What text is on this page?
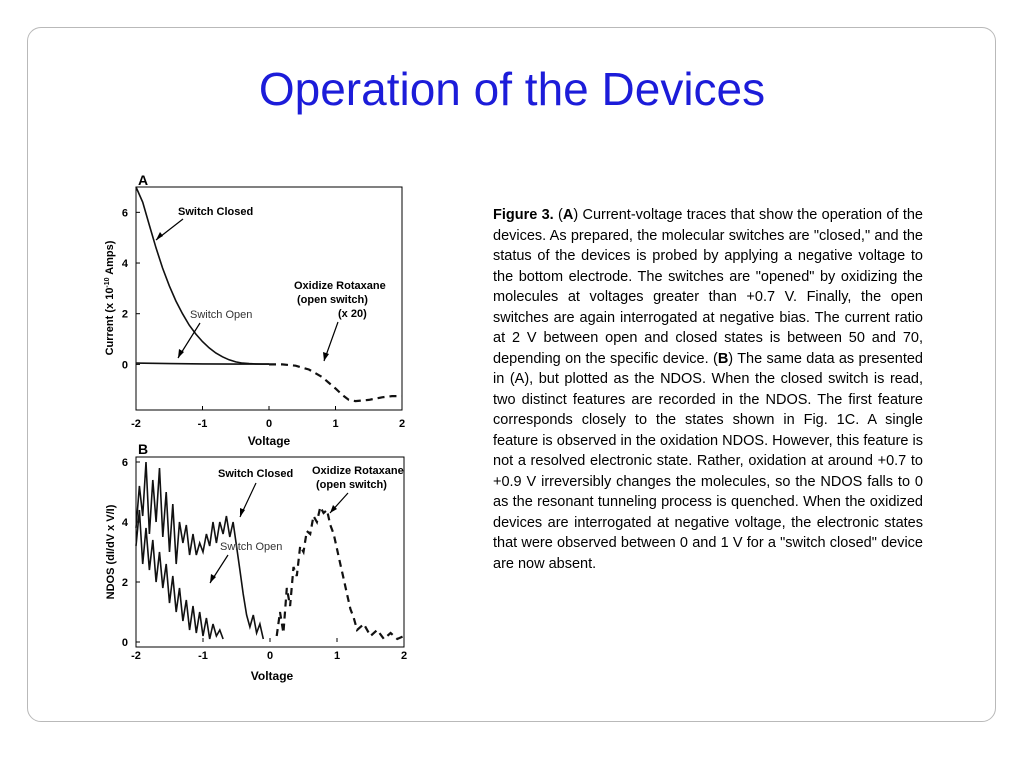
Operation of the Devices
A
-2	-1	0	1	2
0
2
4
6
Voltage
Current (x $10^{-10}$ Amps)
Switch Closed
Switch Open
Oxidize Rotaxane
(open switch)
(x 20)
B
-2	-1	0	1	2
0
2
4
6
Voltage
NDOS (dI/dV x V/I)
Switch Closed Oxidize Rotaxane
(open switch)
Switch Open
Figure 3. (A) Current-voltage traces that show the operation of the devices. As prepared, the molecular switches are "closed," and the status of the devices is probed by applying a negative voltage to the bottom electrode. The switches are "opened" by oxidizing the molecules at voltages greater than +0.7 V. Finally, the open switches are again interrogated at negative bias. The current ratio at 2 V between open and closed states is between 50 and 70, depending on the specific device. (B) The same data as presented in (A), but plotted as the NDOS. When the closed switch is read, two distinct features are recorded in the NDOS. The first feature corresponds closely to the states shown in Fig. 1C. A single feature is observed in the oxidation NDOS. However, this feature is not a resolved electronic state. Rather, oxidation at around +0.7 to +0.9 V irreversibly changes the molecules, so the NDOS falls to 0 as the resonant tunneling process is quenched. When the oxidized devices are interrogated at negative voltage, the electronic states that were observed between 0 and 1 V for a "switch closed" device are now absent.
